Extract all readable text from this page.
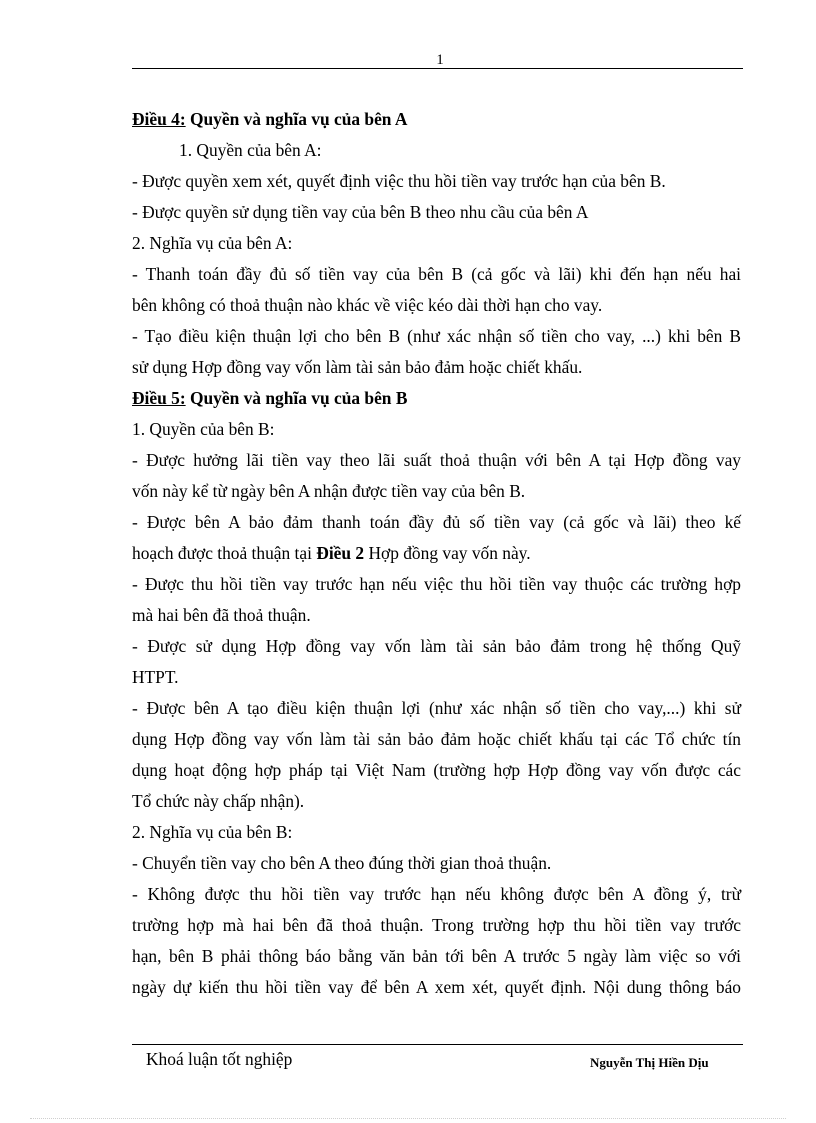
1
Điều 4: Quyền và nghĩa vụ của bên A
1. Quyền của bên A:
- Được quyền xem xét, quyết định việc thu hồi tiền vay trước hạn của bên B.
- Được quyền sử dụng tiền vay của bên B theo nhu cầu của bên A
2. Nghĩa vụ của bên A:
- Thanh toán đầy đủ số tiền vay của bên B (cả gốc và lãi) khi đến hạn nếu hai
bên không có thoả thuận nào khác về việc kéo dài thời hạn cho vay.
- Tạo điều kiện thuận lợi cho bên B (như xác nhận số tiền cho vay, ...) khi bên B
sử dụng Hợp đồng vay vốn làm tài sản bảo đảm hoặc chiết khấu.
Điều 5: Quyền và nghĩa vụ của bên B
1. Quyền của bên B:
- Được hưởng lãi tiền vay theo lãi suất thoả thuận với bên A tại Hợp đồng vay
vốn này kể từ ngày bên A nhận được tiền vay của bên B.
- Được bên A bảo đảm thanh toán đầy đủ số tiền vay (cả gốc và lãi) theo kế
hoạch được thoả thuận tại Điều 2 Hợp đồng vay vốn này.
- Được thu hồi tiền vay trước hạn nếu việc thu hồi tiền vay thuộc các trường hợp
mà hai bên đã thoả thuận.
- Được sử dụng Hợp đồng vay vốn làm tài sản bảo đảm trong hệ thống Quỹ
HTPT.
- Được bên A tạo điều kiện thuận lợi (như xác nhận số tiền cho vay,...) khi sử
dụng Hợp đồng vay vốn làm tài sản bảo đảm hoặc chiết khấu tại các Tổ chức tín
dụng hoạt động hợp pháp tại Việt Nam (trường hợp Hợp đồng vay vốn được các
Tổ chức này chấp nhận).
2. Nghĩa vụ của bên B:
- Chuyển tiền vay cho bên A theo đúng thời gian thoả thuận.
- Không được thu hồi tiền vay trước hạn nếu không được bên A đồng ý, trừ
trường hợp mà hai bên đã thoả thuận. Trong trường hợp thu hồi tiền vay trước
hạn, bên B phải thông báo bằng văn bản tới bên A trước 5 ngày làm việc so với
ngày dự kiến thu hồi tiền vay để bên A xem xét, quyết định. Nội dung thông báo
Khoá luận tốt nghiệp	Nguyễn Thị Hiền Dịu
